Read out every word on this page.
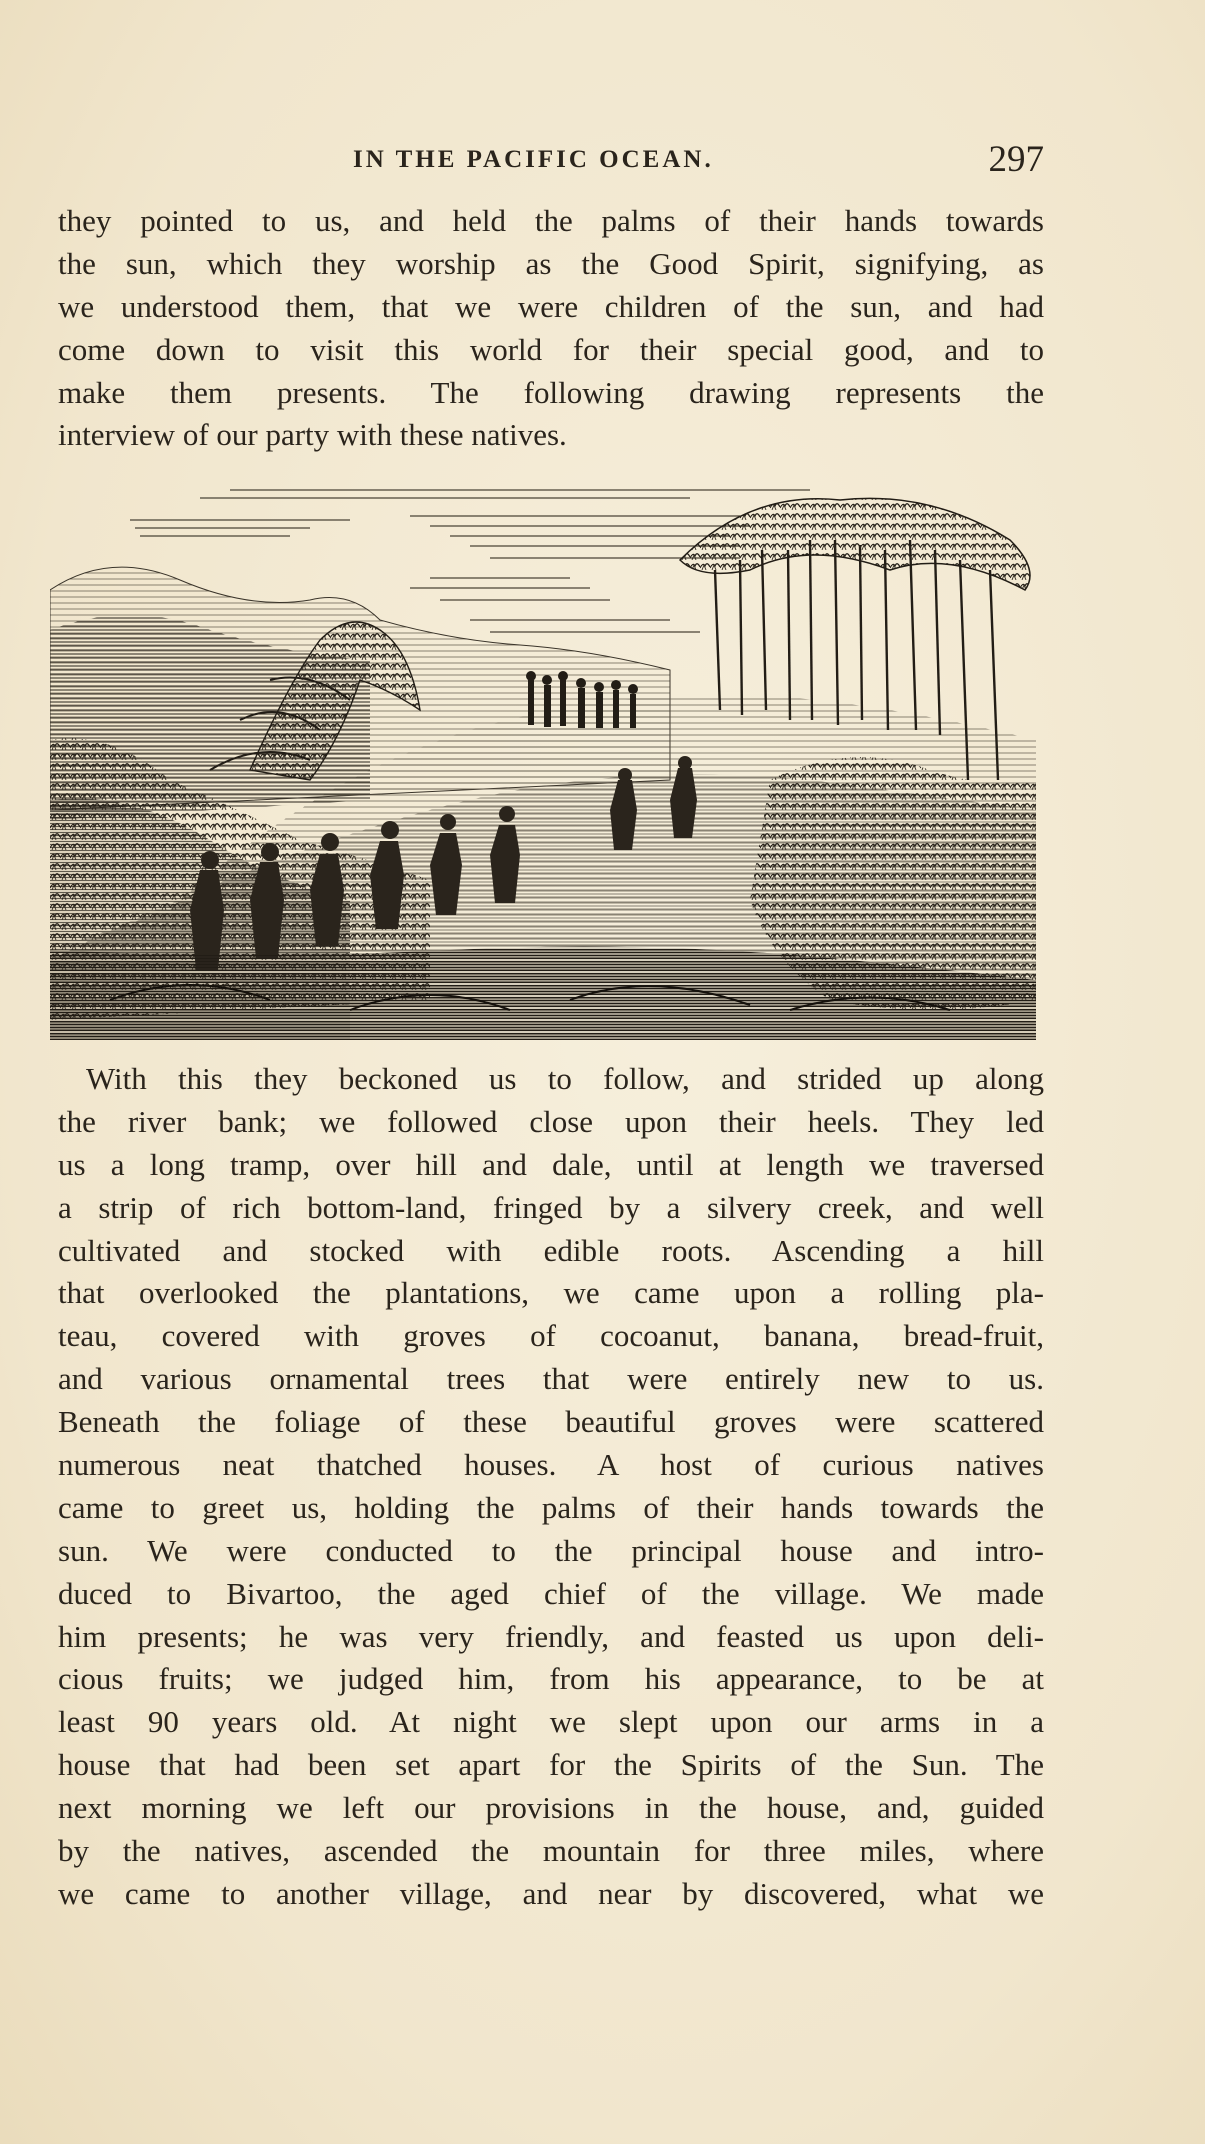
IN THE PACIFIC OCEAN.	297
they pointed to us, and held the palms of their hands towards
the sun, which they worship as the Good Spirit, signifying, as
we understood them, that we were children of the sun, and had
come down to visit this world for their special good, and to
make them presents. The following drawing represents the
interview of our party with these natives.
With this they beckoned us to follow, and strided up along
the river bank; we followed close upon their heels. They led
us a long tramp, over hill and dale, until at length we traversed
a strip of rich bottom-land, fringed by a silvery creek, and well
cultivated and stocked with edible roots. Ascending a hill
that overlooked the plantations, we came upon a rolling pla-
teau, covered with groves of cocoanut, banana, bread-fruit,
and various ornamental trees that were entirely new to us.
Beneath the foliage of these beautiful groves were scattered
numerous neat thatched houses. A host of curious natives
came to greet us, holding the palms of their hands towards the
sun. We were conducted to the principal house and intro-
duced to Bivartoo, the aged chief of the village. We made
him presents; he was very friendly, and feasted us upon deli-
cious fruits; we judged him, from his appearance, to be at
least 90 years old. At night we slept upon our arms in a
house that had been set apart for the Spirits of the Sun. The
next morning we left our provisions in the house, and, guided
by the natives, ascended the mountain for three miles, where
we came to another village, and near by discovered, what we
